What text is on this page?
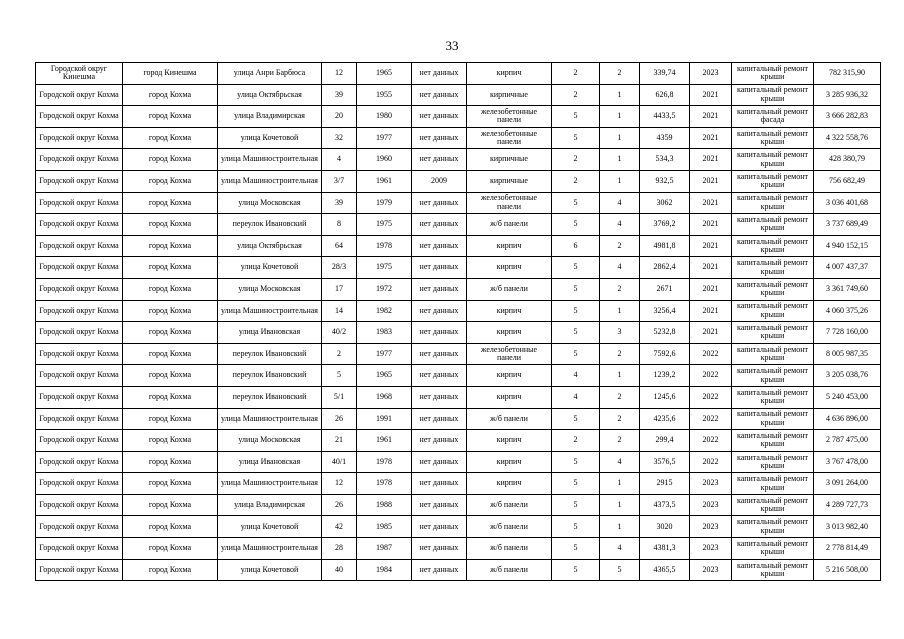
33
Городской округ Кинешма	город Кинешма	улица Анри Барбюса	12	1965	нет данных	кирпич	2	2	339,74	2023	капитальный ремонт крыши	782 315,90
Городской округ Кохма	город Кохма	улица Октябрьская	39	1955	нет данных	кирпичные	2	1	626,8	2021	капитальный ремонт крыши	3 285 936,32
Городской округ Кохма	город Кохма	улица Владимирская	20	1980	нет данных	железобетонные панели	5	1	4433,5	2021	капитальный ремонт фасада	3 666 282,83
Городской округ Кохма	город Кохма	улица Кочетовой	32	1977	нет данных	железобетонные панели	5	1	4359	2021	капитальный ремонт крыши	4 322 558,76
Городской округ Кохма	город Кохма	улица Машиностроительная	4	1960	нет данных	кирпичные	2	1	534,3	2021	капитальный ремонт крыши	428 380,79
Городской округ Кохма	город Кохма	улица Машиностроительная	3/7	1961	2009	кирпичные	2	1	932,5	2021	капитальный ремонт крыши	756 682,49
Городской округ Кохма	город Кохма	улица Московская	39	1979	нет данных	железобетонные панели	5	4	3062	2021	капитальный ремонт крыши	3 036 401,68
Городской округ Кохма	город Кохма	переулок Ивановский	8	1975	нет данных	ж/б панели	5	4	3769,2	2021	капитальный ремонт крыши	3 737 689,49
Городской округ Кохма	город Кохма	улица Октябрьская	64	1978	нет данных	кирпич	6	2	4981,8	2021	капитальный ремонт крыши	4 940 152,15
Городской округ Кохма	город Кохма	улица Кочетовой	28/3	1975	нет данных	кирпич	5	4	2862,4	2021	капитальный ремонт крыши	4 007 437,37
Городской округ Кохма	город Кохма	улица Московская	17	1972	нет данных	ж/б панели	5	2	2671	2021	капитальный ремонт крыши	3 361 749,60
Городской округ Кохма	город Кохма	улица Машиностроительная	14	1982	нет данных	кирпич	5	1	3256,4	2021	капитальный ремонт крыши	4 060 375,26
Городской округ Кохма	город Кохма	улица Ивановская	40/2	1983	нет данных	кирпич	5	3	5232,8	2021	капитальный ремонт крыши	7 728 160,00
Городской округ Кохма	город Кохма	переулок Ивановский	2	1977	нет данных	железобетонные панели	5	2	7592,6	2022	капитальный ремонт крыши	8 005 987,35
Городской округ Кохма	город Кохма	переулок Ивановский	5	1965	нет данных	кирпич	4	1	1239,2	2022	капитальный ремонт крыши	3 205 038,76
Городской округ Кохма	город Кохма	переулок Ивановский	5/1	1968	нет данных	кирпич	4	2	1245,6	2022	капитальный ремонт крыши	5 240 453,00
Городской округ Кохма	город Кохма	улица Машиностроительная	26	1991	нет данных	ж/б панели	5	2	4235,6	2022	капитальный ремонт крыши	4 636 896,00
Городской округ Кохма	город Кохма	улица Московская	21	1961	нет данных	кирпич	2	2	299,4	2022	капитальный ремонт крыши	2 787 475,00
Городской округ Кохма	город Кохма	улица Ивановская	40/1	1978	нет данных	кирпич	5	4	3576,5	2022	капитальный ремонт крыши	3 767 478,00
Городской округ Кохма	город Кохма	улица Машиностроительная	12	1978	нет данных	кирпич	5	1	2915	2023	капитальный ремонт крыши	3 091 264,00
Городской округ Кохма	город Кохма	улица Владимирская	26	1988	нет данных	ж/б панели	5	1	4373,5	2023	капитальный ремонт крыши	4 289 727,73
Городской округ Кохма	город Кохма	улица Кочетовой	42	1985	нет данных	ж/б панели	5	1	3020	2023	капитальный ремонт крыши	3 013 982,40
Городской округ Кохма	город Кохма	улица Машиностроительная	28	1987	нет данных	ж/б панели	5	4	4381,3	2023	капитальный ремонт крыши	2 778 814,49
Городской округ Кохма	город Кохма	улица Кочетовой	40	1984	нет данных	ж/б панели	5	5	4365,5	2023	капитальный ремонт крыши	5 216 508,00
